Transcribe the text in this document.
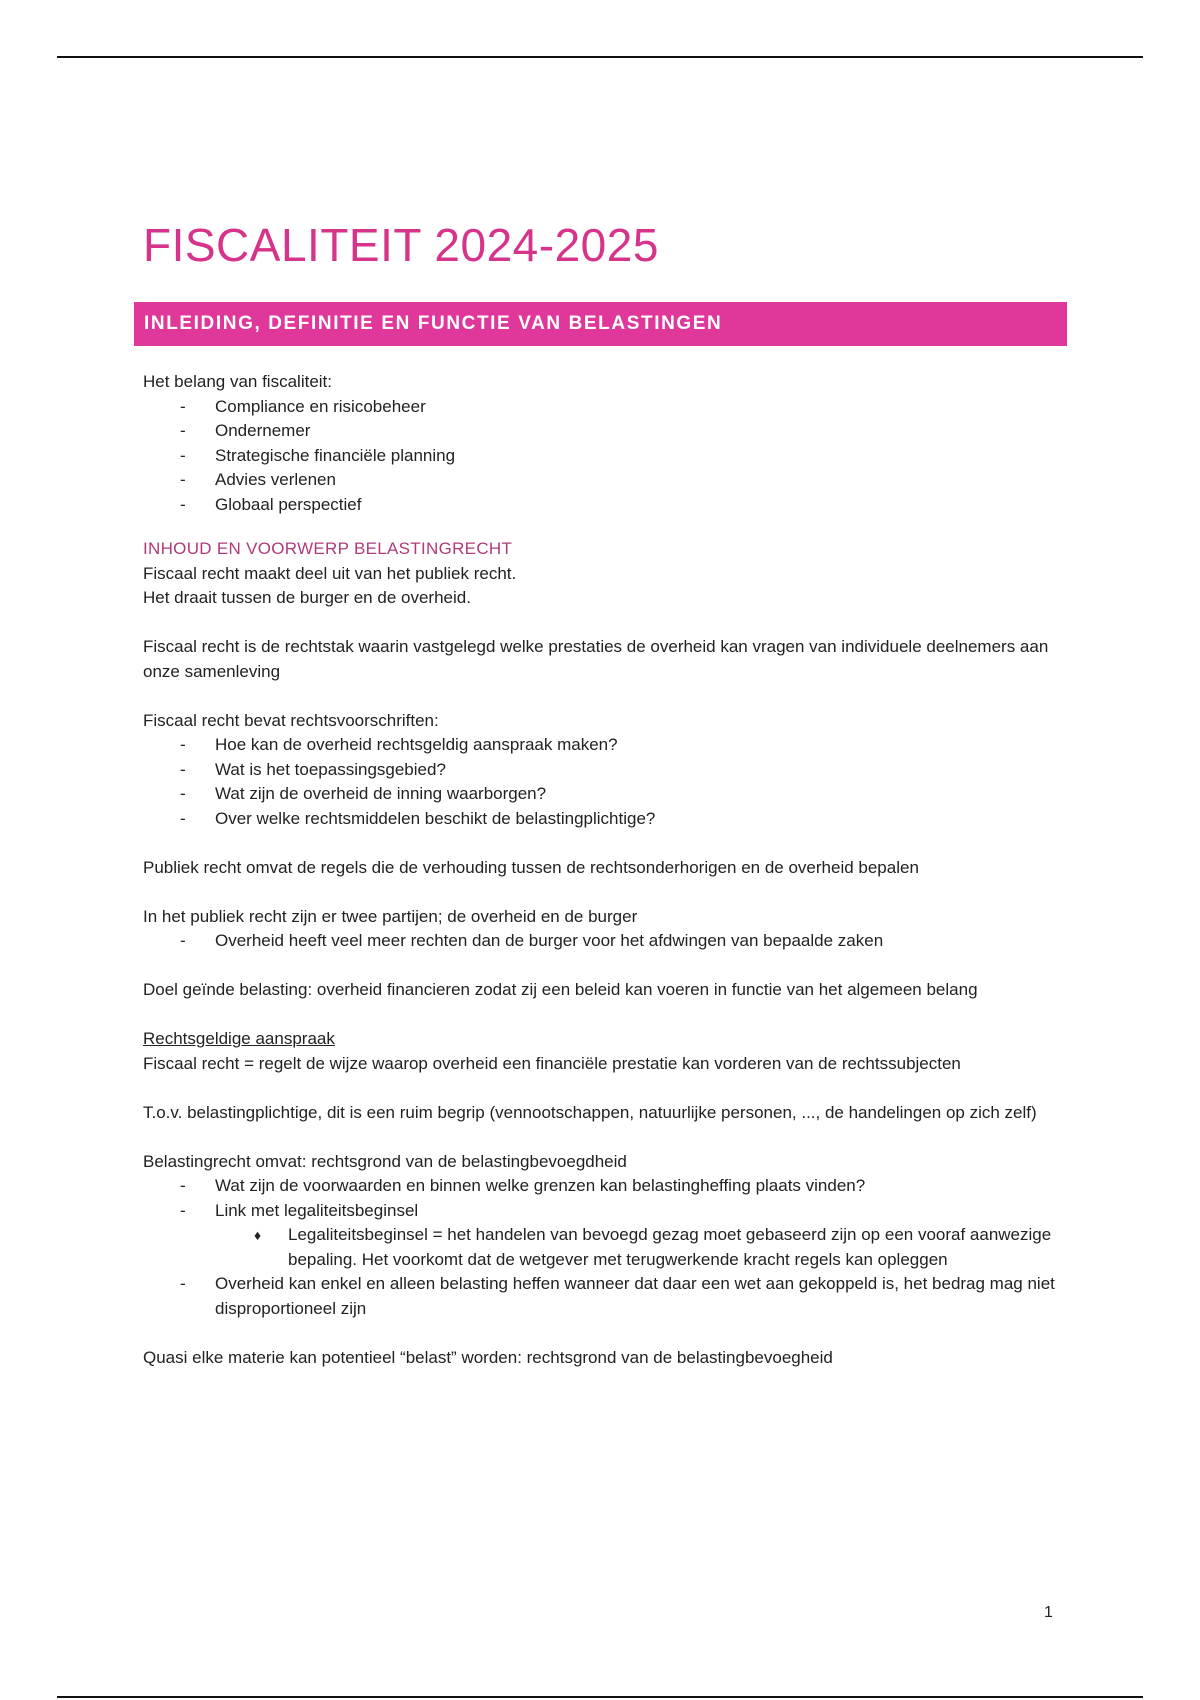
FISCALITEIT 2024-2025
INLEIDING, DEFINITIE EN FUNCTIE VAN BELASTINGEN

Het belang van fiscaliteit:

- Compliance en risicobeheer
- Ondernemer
- Strategische financiële planning
- Advies verlenen
- Globaal perspectief

INHOUD EN VOORWERP BELASTINGRECHT

Fiscaal recht maakt deel uit van het publiek recht.

Het draait tussen de burger en de overheid.

Fiscaal recht is de rechtstak waarin vastgelegd welke prestaties de overheid kan vragen van individuele deelnemers aan onze samenleving

Fiscaal recht bevat rechtsvoorschriften:

- Hoe kan de overheid rechtsgeldig aanspraak maken?
- Wat is het toepassingsgebied?
- Wat zijn de overheid de inning waarborgen?
- Over welke rechtsmiddelen beschikt de belastingplichtige?

Publiek recht omvat de regels die de verhouding tussen de rechtsonderhorigen en de overheid bepalen

In het publiek recht zijn er twee partijen; de overheid en de burger

- Overheid heeft veel meer rechten dan de burger voor het afdwingen van bepaalde zaken

Doel geïnde belasting: overheid financieren zodat zij een beleid kan voeren in functie van het algemeen belang

Rechtsgeldige aanspraak

Fiscaal recht = regelt de wijze waarop overheid een financiële prestatie kan vorderen van de rechtssubjecten

T.o.v. belastingplichtige, dit is een ruim begrip (vennootschappen, natuurlijke personen, ..., de handelingen op zich zelf)

Belastingrecht omvat: rechtsgrond van de belastingbevoegdheid

- Wat zijn de voorwaarden en binnen welke grenzen kan belastingheffing plaats vinden?
- Link met legaliteitsbeginsel
♦ Legaliteitsbeginsel = het handelen van bevoegd gezag moet gebaseerd zijn op een vooraf aanwezige bepaling. Het voorkomt dat de wetgever met terugwerkende kracht regels kan opleggen
- Overheid kan enkel en alleen belasting heffen wanneer dat daar een wet aan gekoppeld is, het bedrag mag niet disproportioneel zijn

Quasi elke materie kan potentieel “belast” worden: rechtsgrond van de belastingbevoegheid

1
